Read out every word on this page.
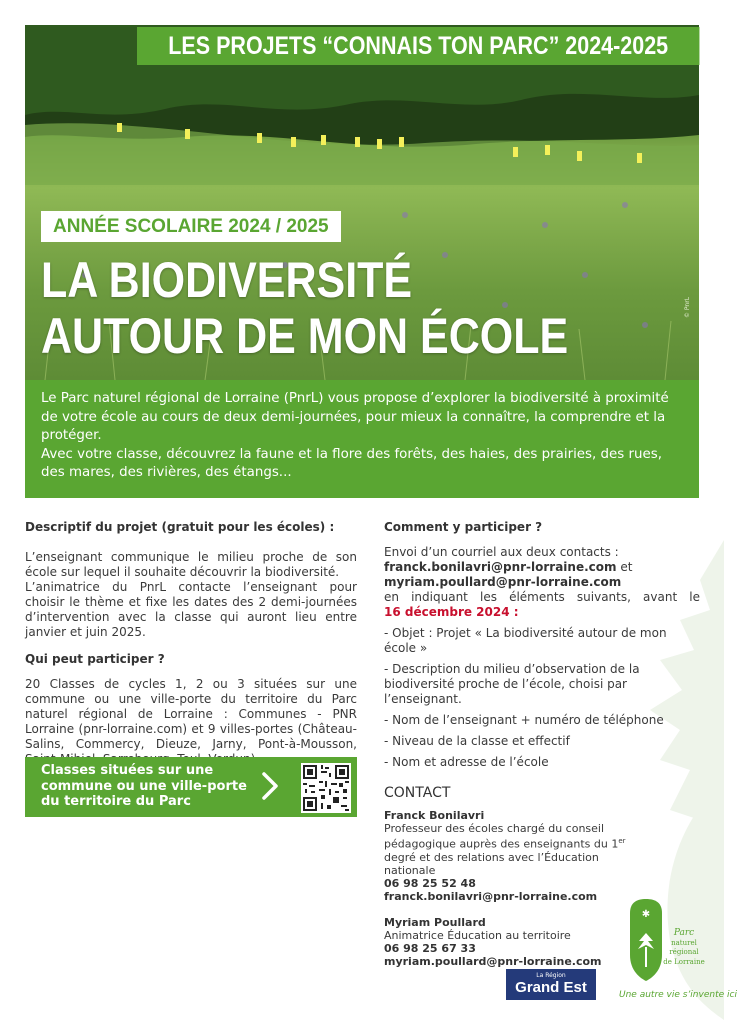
LES PROJETS “CONNAIS TON PARC” 2024-2025
ANNÉE SCOLAIRE 2024 / 2025
LA BIODIVERSITÉ
AUTOUR DE MON ÉCOLE
© PnrL

Le Parc naturel régional de Lorraine (PnrL) vous propose d’explorer la biodiversité à proximité de votre école au cours de deux demi-journées, pour mieux la connaître, la comprendre et la protéger.

Avec votre classe, découvrez la faune et la flore des forêts, des haies, des prairies, des rues, des mares, des rivières, des étangs...

Descriptif du projet (gratuit pour les écoles) :

L’enseignant communique le milieu proche de son école sur lequel il souhaite découvrir la biodiversité.

L’animatrice du PnrL contacte l’enseignant pour choisir le thème et fixe les dates des 2 demi-journées d’intervention avec la classe qui auront lieu entre janvier et juin 2025.

Qui peut participer ?

20 Classes de cycles 1, 2 ou 3 situées sur une commune ou une ville-porte du territoire du Parc naturel régional de Lorraine : Communes - PNR Lorraine (pnr-lorraine.com) et 9 villes-portes (Château-Salins, Commercy, Dieuze, Jarny, Pont-à-Mousson,

Classes situées sur une commune ou une ville-porte du territoire du Parc
Comment y participer ?

Envoi d’un courriel aux deux contacts :

franck.bonilavri@pnr-lorraine.com et

myriam.poullard@pnr-lorraine.com

en indiquant les éléments suivants, avant le

16 décembre 2024 :

- Objet : Projet « La biodiversité autour de mon école »

- Description du milieu d’observation de la biodiversité proche de l’école, choisi par l’enseignant.

- Nom de l’enseignant + numéro de téléphone

- Niveau de la classe et effectif

- Nom et adresse de l’école

CONTACT

Franck Bonilavri
Professeur des écoles chargé du conseil pédagogique auprès des enseignants du 1er degré et des relations avec l’Éducation nationale
06 98 25 52 48
franck.bonilavri@pnr-lorraine.com
Myriam Poullard
Animatrice Éducation au territoire
06 98 25 67 33
myriam.poullard@pnr-lorraine.com
La Région
Grand Est
✱
Parc
naturel
régional
de Lorraine
Une autre vie s’invente ici
